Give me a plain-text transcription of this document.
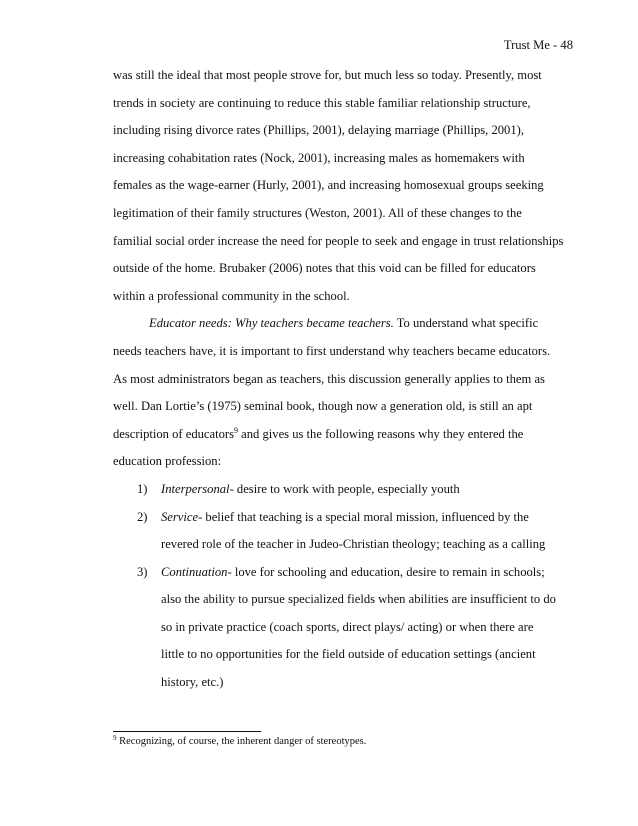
Trust Me - 48
was still the ideal that most people strove for, but much less so today. Presently, most
trends in society are continuing to reduce this stable familiar relationship structure,
including rising divorce rates (Phillips, 2001), delaying marriage (Phillips, 2001),
increasing cohabitation rates (Nock, 2001), increasing males as homemakers with
females as the wage-earner (Hurly, 2001), and increasing homosexual groups seeking
legitimation of their family structures (Weston, 2001). All of these changes to the
familial social order increase the need for people to seek and engage in trust relationships
outside of the home. Brubaker (2006) notes that this void can be filled for educators
within a professional community in the school.
Educator needs: Why teachers became teachers. To understand what specific
needs teachers have, it is important to first understand why teachers became educators.
As most administrators began as teachers, this discussion generally applies to them as
well. Dan Lortie’s (1975) seminal book, though now a generation old, is still an apt
description of educators$^9$ and gives us the following reasons why they entered the
education profession:
1) Interpersonal- desire to work with people, especially youth
2) Service- belief that teaching is a special moral mission, influenced by the
revered role of the teacher in Judeo-Christian theology; teaching as a calling
3) Continuation- love for schooling and education, desire to remain in schools;
also the ability to pursue specialized fields when abilities are insufficient to do
so in private practice (coach sports, direct plays/ acting) or when there are
little to no opportunities for the field outside of education settings (ancient
history, etc.)
$^9$ Recognizing, of course, the inherent danger of stereotypes.
